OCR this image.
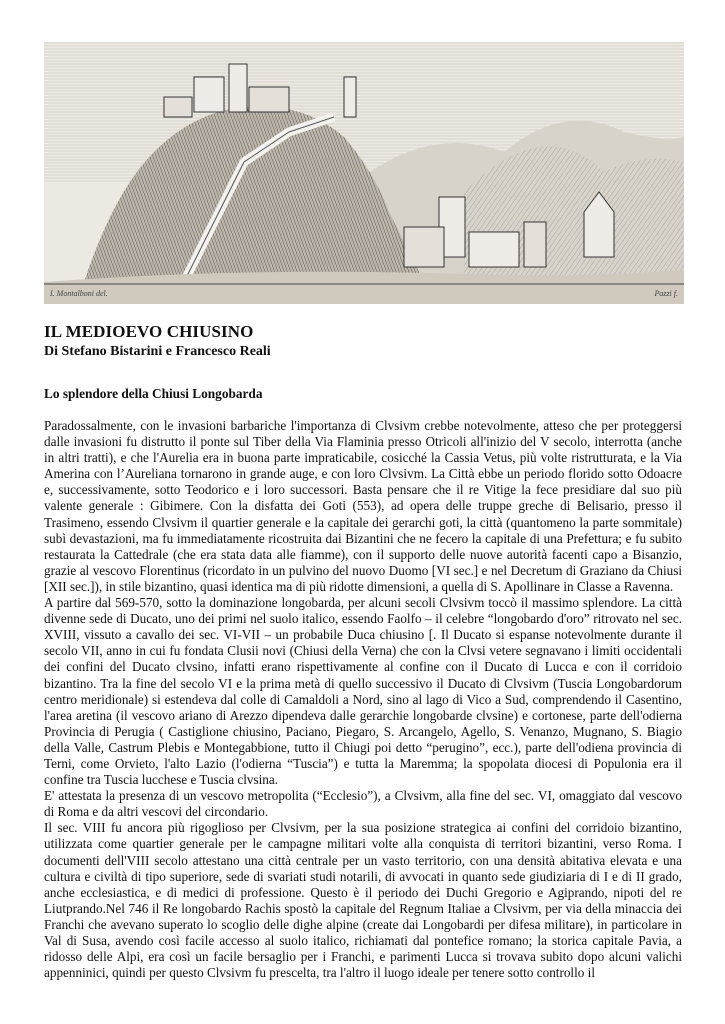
I. Montalboni del.	Pazzi f.
IL MEDIOEVO CHIUSINO
Di Stefano Bistarini e Francesco Reali
Lo splendore della Chiusi Longobarda

Paradossalmente, con le invasioni barbariche l'importanza di Clvsivm crebbe notevolmente, atteso che per proteggersi dalle invasioni fu distrutto il ponte sul Tiber della Via Flaminia presso Otricoli all'inizio del V secolo, interrotta (anche in altri tratti), e che l'Aurelia era in buona parte impraticabile, cosicché la Cassia Vetus, più volte ristrutturata, e la Via Amerina con l’Aureliana tornarono in grande auge, e con loro Clvsivm. La Città ebbe un periodo florido sotto Odoacre e, successivamente, sotto Teodorico e i loro successori. Basta pensare che il re Vitige la fece presidiare dal suo più valente generale : Gibimere. Con la disfatta dei Goti (553), ad opera delle truppe greche di Belisario, presso il Trasimeno, essendo Clvsivm il quartier generale e la capitale dei gerarchi goti, la città (quantomeno la parte sommitale) subì devastazioni, ma fu immediatamente ricostruita dai Bizantini che ne fecero la capitale di una Prefettura; e fu subito restaurata la Cattedrale (che era stata data alle fiamme), con il supporto delle nuove autorità facenti capo a Bisanzio, grazie al vescovo Florentinus (ricordato in un pulvino del nuovo Duomo [VI sec.] e nel Decretum di Graziano da Chiusi [XII sec.]), in stile bizantino, quasi identica ma di più ridotte dimensioni, a quella di S. Apollinare in Classe a Ravenna.

A partire dal 569-570, sotto la dominazione longobarda, per alcuni secoli Clvsivm toccò il massimo splendore. La città divenne sede di Ducato, uno dei primi nel suolo italico, essendo Faolfo – il celebre “longobardo d'oro” ritrovato nel sec. XVIII, vissuto a cavallo dei sec. VI-VII – un probabile Duca chiusino [. Il Ducato si espanse notevolmente durante il secolo VII, anno in cui fu fondata Clusii novi (Chiusi della Verna) che con la Clvsi vetere segnavano i limiti occidentali dei confini del Ducato clvsino, infatti erano rispettivamente al confine con il Ducato di Lucca e con il corridoio bizantino. Tra la fine del secolo VI e la prima metà di quello successivo il Ducato di Clvsivm (Tuscia Longobardorum centro meridionale) si estendeva dal colle di Camaldoli a Nord, sino al lago di Vico a Sud, comprendendo il Casentino, l'area aretina (il vescovo ariano di Arezzo dipendeva dalle gerarchie longobarde clvsine) e cortonese, parte dell'odierna Provincia di Perugia ( Castiglione chiusino, Paciano, Piegaro, S. Arcangelo, Agello, S. Venanzo, Mugnano, S. Biagio della Valle, Castrum Plebis e Montegabbione, tutto il Chiugi poi detto “perugino”, ecc.), parte dell'odiena provincia di Terni, come Orvieto, l'alto Lazio (l'odierna “Tuscia”) e tutta la Maremma; la spopolata diocesi di Populonia era il confine tra Tuscia lucchese e Tuscia clvsina.

E' attestata la presenza di un vescovo metropolita (“Ecclesio”), a Clvsivm, alla fine del sec. VI, omaggiato dal vescovo di Roma e da altri vescovi del circondario.

Il sec. VIII fu ancora più rigoglioso per Clvsivm, per la sua posizione strategica ai confini del corridoio bizantino, utilizzata come quartier generale per le campagne militari volte alla conquista di territori bizantini, verso Roma. I documenti dell'VIII secolo attestano una città centrale per un vasto territorio, con una densità abitativa elevata e una cultura e civiltà di tipo superiore, sede di svariati studi notarili, di avvocati in quanto sede giudiziaria di I e di II grado, anche ecclesiastica, e di medici di professione. Questo è il periodo dei Duchi Gregorio e Agiprando, nipoti del re Liutprando.Nel 746 il Re longobardo Rachis spostò la capitale del Regnum Italiae a Clvsivm, per via della minaccia dei Franchi che avevano superato lo scoglio delle dighe alpine (create dai Longobardi per difesa militare), in particolare in Val di Susa, avendo così facile accesso al suolo italico, richiamati dal pontefice romano; la storica capitale Pavia, a ridosso delle Alpi, era così un facile bersaglio per i Franchi, e parimenti Lucca si trovava subito dopo alcuni valichi appenninici, quindi per questo Clvsivm fu prescelta, tra l'altro il luogo ideale per tenere sotto controllo il
